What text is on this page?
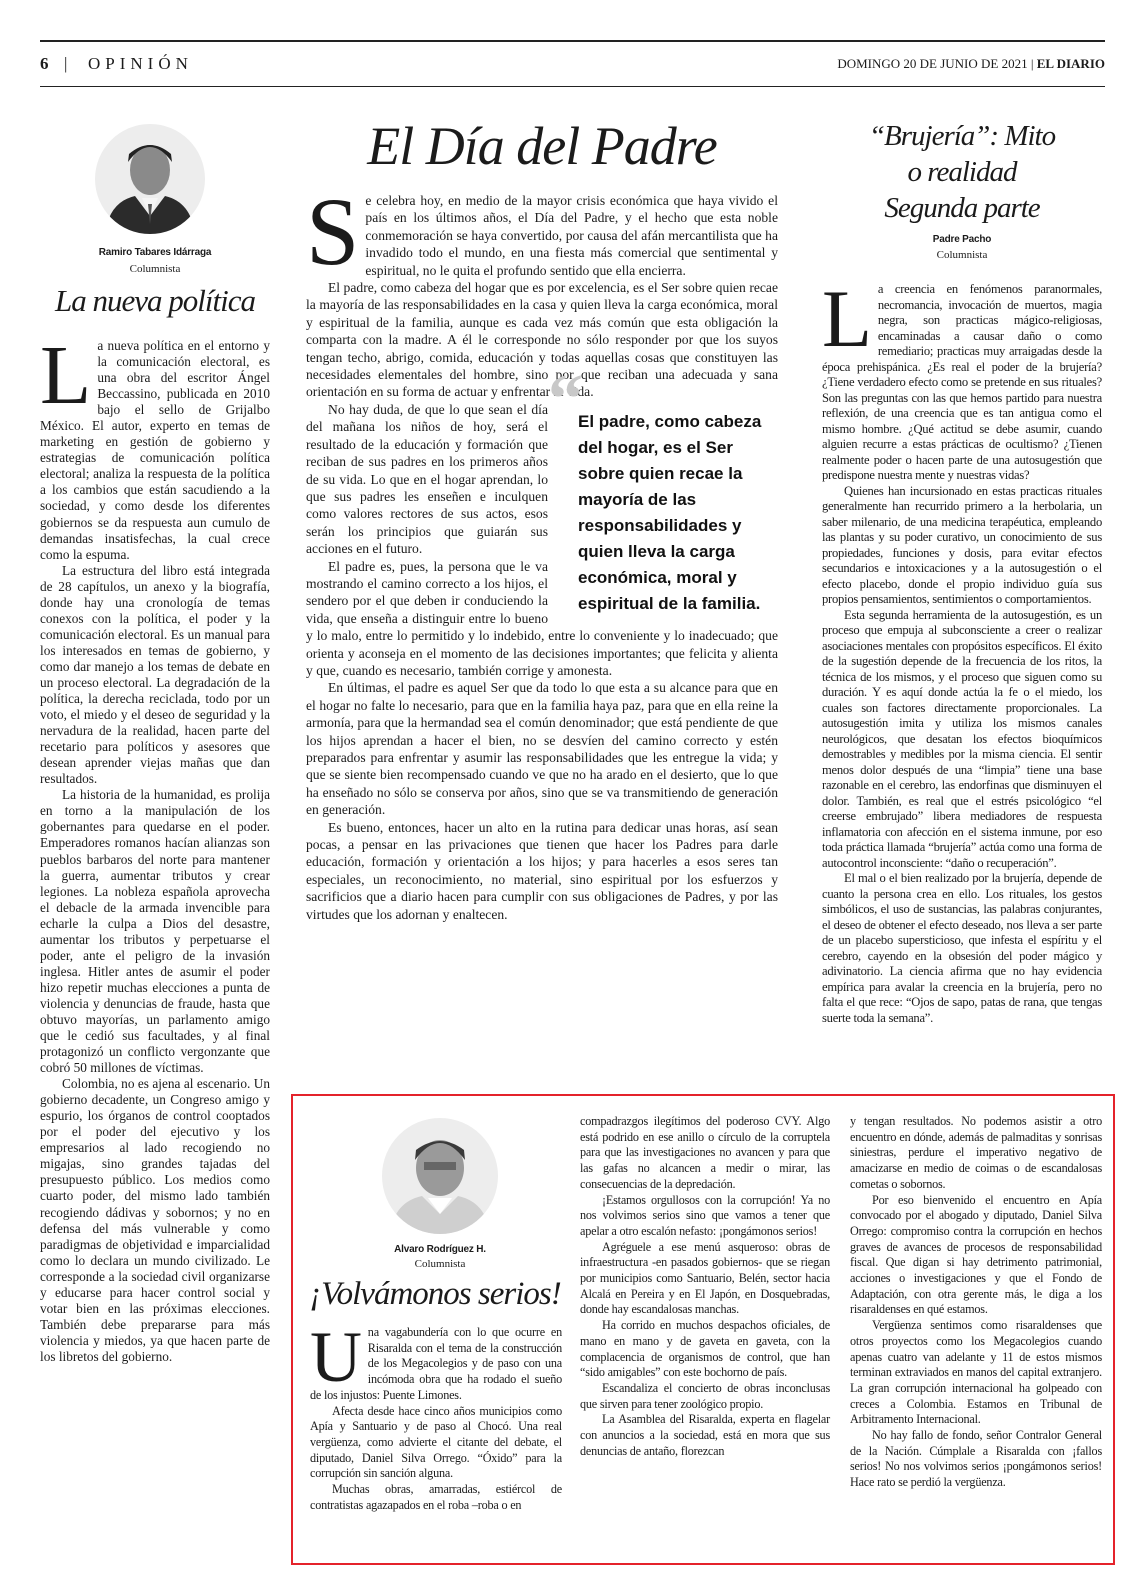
6 | OPINIÓN	DOMINGO 20 DE JUNIO DE 2021 | EL DIARIO
Ramiro Tabares Idárraga
Columnista
La nueva política
L a nueva política en el entorno y la comunicación electoral, es una obra del escritor Ángel Beccassino, publicada en 2010 bajo el sello de Grijalbo México. El autor, experto en temas de marketing en gestión de gobierno y estrategias de comunicación política electoral; analiza la respuesta de la política a los cambios que están sacudiendo a la sociedad, y como desde los diferentes gobiernos se da respuesta aun cumulo de demandas insatisfechas, la cual crece como la espuma.

La estructura del libro está integrada de 28 capítulos, un anexo y la biografía, donde hay una cronología de temas conexos con la política, el poder y la comunicación electoral. Es un manual para los interesados en temas de gobierno, y como dar manejo a los temas de debate en un proceso electoral. La degradación de la política, la derecha reciclada, todo por un voto, el miedo y el deseo de seguridad y la nervadura de la realidad, hacen parte del recetario para políticos y asesores que desean aprender viejas mañas que dan resultados.

La historia de la humanidad, es prolija en torno a la manipulación de los gobernantes para quedarse en el poder. Emperadores romanos hacían alianzas son pueblos barbaros del norte para mantener la guerra, aumentar tributos y crear legiones. La nobleza española aprovecha el debacle de la armada invencible para echarle la culpa a Dios del desastre, aumentar los tributos y perpetuarse el poder, ante el peligro de la invasión inglesa. Hitler antes de asumir el poder hizo repetir muchas elecciones a punta de violencia y denuncias de fraude, hasta que obtuvo mayorías, un parlamento amigo que le cedió sus facultades, y al final protagonizó un conflicto vergonzante que cobró 50 millones de víctimas.

Colombia, no es ajena al escenario. Un gobierno decadente, un Congreso amigo y espurio, los órganos de control cooptados por el poder del ejecutivo y los empresarios al lado recogiendo no migajas, sino grandes tajadas del presupuesto público. Los medios como cuarto poder, del mismo lado también recogiendo dádivas y sobornos; y no en defensa del más vulnerable y como paradigmas de objetividad e imparcialidad como lo declara un mundo civilizado. Le corresponde a la sociedad civil organizarse y educarse para hacer control social y votar bien en las próximas elecciones. También debe prepararse para más violencia y miedos, ya que hacen parte de los libretos del gobierno.

El Día del Padre
S e celebra hoy, en medio de la mayor crisis económica que haya vivido el país en los últimos años, el Día del Padre, y el hecho que esta noble conmemoración se haya convertido, por causa del afán mercantilista que ha invadido todo el mundo, en una fiesta más comercial que sentimental y espiritual, no le quita el profundo sentido que ella encierra.

El padre, como cabeza del hogar que es por excelencia, es el Ser sobre quien recae la mayoría de las responsabilidades en la casa y quien lleva la carga económica, moral y espiritual de la familia, aunque es cada vez más común que esta obligación la comparta con la madre. A él le corresponde no sólo responder por que los suyos tengan techo, abrigo, comida, educación y todas aquellas cosas que constituyen las necesidades elementales del hombre, sino por que reciban una adecuada y sana orientación en su forma de actuar y enfrentar la vida.

“
El padre, como cabeza del hogar, es el Ser sobre quien recae la mayoría de las responsabilidades y quien lleva la carga económica, moral y espiritual de la familia.

No hay duda, de que lo que sean el día del mañana los niños de hoy, será el resultado de la educación y formación que reciban de sus padres en los primeros años de su vida. Lo que en el hogar aprendan, lo que sus padres les enseñen e inculquen como valores rectores de sus actos, esos serán los principios que guiarán sus acciones en el futuro.

El padre es, pues, la persona que le va mostrando el camino correcto a los hijos, el sendero por el que deben ir conduciendo la vida, que enseña a distinguir entre lo bueno y lo malo, entre lo permitido y lo indebido, entre lo conveniente y lo inadecuado; que orienta y aconseja en el momento de las decisiones importantes; que felicita y alienta y que, cuando es necesario, también corrige y amonesta.

En últimas, el padre es aquel Ser que da todo lo que esta a su alcance para que en el hogar no falte lo necesario, para que en la familia haya paz, para que en ella reine la armonía, para que la hermandad sea el común denominador; que está pendiente de que los hijos aprendan a hacer el bien, no se desvíen del camino correcto y estén preparados para enfrentar y asumir las responsabilidades que les entregue la vida; y que se siente bien recompensado cuando ve que no ha arado en el desierto, que lo que ha enseñado no sólo se conserva por años, sino que se va transmitiendo de generación en generación.

Es bueno, entonces, hacer un alto en la rutina para dedicar unas horas, así sean pocas, a pensar en las privaciones que tienen que hacer los Padres para darle educación, formación y orientación a los hijos; y para hacerles a esos seres tan especiales, un reconocimiento, no material, sino espiritual por los esfuerzos y sacrificios que a diario hacen para cumplir con sus obligaciones de Padres, y por las virtudes que los adornan y enaltecen.

“Brujería”: Mito
o realidad
Segunda parte
Padre Pacho
Columnista
L a creencia en fenómenos paranormales, necromancia, invocación de muertos, magia negra, son practicas mágico-religiosas, encaminadas a causar daño o como remediario; practicas muy arraigadas desde la época prehispánica. ¿Es real el poder de la brujería? ¿Tiene verdadero efecto como se pretende en sus rituales? Son las preguntas con las que hemos partido para nuestra reflexión, de una creencia que es tan antigua como el mismo hombre. ¿Qué actitud se debe asumir, cuando alguien recurre a estas prácticas de ocultismo? ¿Tienen realmente poder o hacen parte de una autosugestión que predispone nuestra mente y nuestras vidas?

Quienes han incursionado en estas practicas rituales generalmente han recurrido primero a la herbolaria, un saber milenario, de una medicina terapéutica, empleando las plantas y su poder curativo, un conocimiento de sus propiedades, funciones y dosis, para evitar efectos secundarios e intoxicaciones y a la autosugestión o el efecto placebo, donde el propio individuo guía sus propios pensamientos, sentimientos o comportamientos.

Esta segunda herramienta de la autosugestión, es un proceso que empuja al subconsciente a creer o realizar asociaciones mentales con propósitos específicos. El éxito de la sugestión depende de la frecuencia de los ritos, la técnica de los mismos, y el proceso que siguen como su duración. Y es aquí donde actúa la fe o el miedo, los cuales son factores directamente proporcionales. La autosugestión imita y utiliza los mismos canales neurológicos, que desatan los efectos bioquímicos demostrables y medibles por la misma ciencia. El sentir menos dolor después de una “limpia” tiene una base razonable en el cerebro, las endorfinas que disminuyen el dolor. También, es real que el estrés psicológico “el creerse embrujado” libera mediadores de respuesta inflamatoria con afección en el sistema inmune, por eso toda práctica llamada “brujería” actúa como una forma de autocontrol inconsciente: “daño o recuperación”.

El mal o el bien realizado por la brujería, depende de cuanto la persona crea en ello. Los rituales, los gestos simbólicos, el uso de sustancias, las palabras conjurantes, el deseo de obtener el efecto deseado, nos lleva a ser parte de un placebo supersticioso, que infesta el espíritu y el cerebro, cayendo en la obsesión del poder mágico y adivinatorio. La ciencia afirma que no hay evidencia empírica para avalar la creencia en la brujería, pero no falta el que rece: “Ojos de sapo, patas de rana, que tengas suerte toda la semana”.

Alvaro Rodríguez H.
Columnista
¡Volvámonos serios!
U na vagabundería con lo que ocurre en Risaralda con el tema de la construcción de los Megacolegios y de paso con una incómoda obra que ha rodado el sueño de los injustos: Puente Limones.

Afecta desde hace cinco años municipios como Apía y Santuario y de paso al Chocó. Una real vergüenza, como advierte el citante del debate, el diputado, Daniel Silva Orrego. “Óxido” para la corrupción sin sanción alguna.

Muchas obras, amarradas, estiércol de contratistas agazapados en el roba –roba o en

compadrazgos ilegítimos del poderoso CVY. Algo está podrido en ese anillo o círculo de la corruptela para que las investigaciones no avancen y para que las gafas no alcancen a medir o mirar, las consecuencias de la depredación.

¡Estamos orgullosos con la corrupción! Ya no nos volvimos serios sino que vamos a tener que apelar a otro escalón nefasto: ¡pongámonos serios!

Agréguele a ese menú asqueroso: obras de infraestructura -en pasados gobiernos- que se riegan por municipios como Santuario, Belén, sector hacia Alcalá en Pereira y en El Japón, en Dosquebradas, donde hay escandalosas manchas.

Ha corrido en muchos despachos oficiales, de mano en mano y de gaveta en gaveta, con la complacencia de organismos de control, que han “sido amigables” con este bochorno de país.

Escandaliza el concierto de obras inconclusas que sirven para tener zoológico propio.

La Asamblea del Risaralda, experta en flagelar con anuncios a la sociedad, está en mora que sus denuncias de antaño, florezcan

y tengan resultados. No podemos asistir a otro encuentro en dónde, además de palmaditas y sonrisas siniestras, perdure el imperativo negativo de amacizarse en medio de coimas o de escandalosas cometas o sobornos.

Por eso bienvenido el encuentro en Apía convocado por el abogado y diputado, Daniel Silva Orrego: compromiso contra la corrupción en hechos graves de avances de procesos de responsabilidad fiscal. Que digan si hay detrimento patrimonial, acciones o investigaciones y que el Fondo de Adaptación, con otra gerente más, le diga a los risaraldenses en qué estamos.

Vergüenza sentimos como risaraldenses que otros proyectos como los Megacolegios cuando apenas cuatro van adelante y 11 de estos mismos terminan extraviados en manos del capital extranjero. La gran corrupción internacional ha golpeado con creces a Colombia. Estamos en Tribunal de Arbitramento Internacional.

No hay fallo de fondo, señor Contralor General de la Nación. Cúmplale a Risaralda con ¡fallos serios! No nos volvimos serios ¡pongámonos serios! Hace rato se perdió la vergüenza.
